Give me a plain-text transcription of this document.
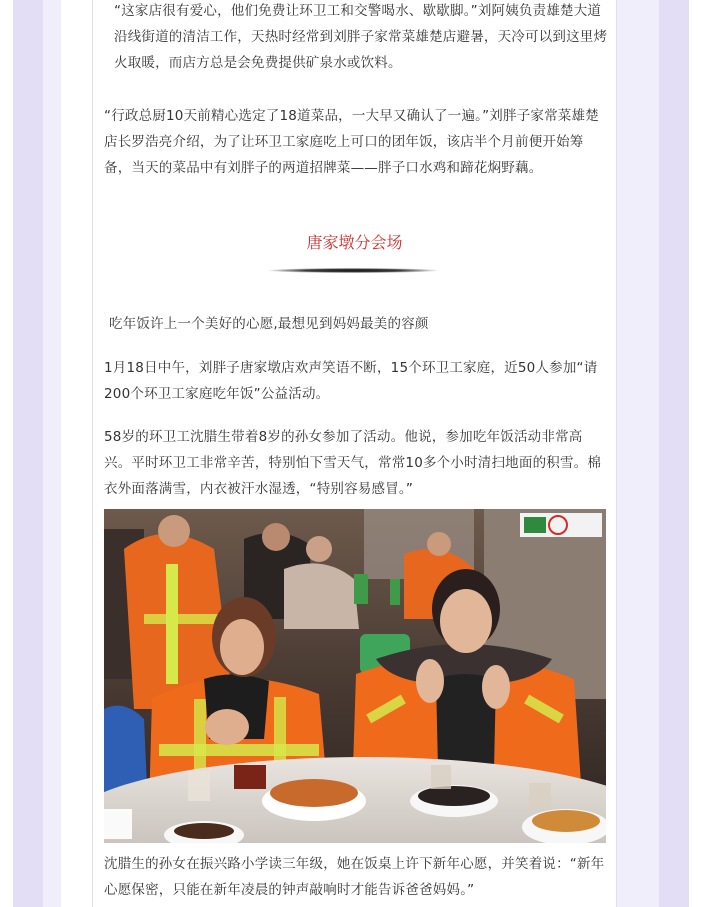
“这家店很有爱心，他们免费让环卫工和交警喝水、歇歇脚。”刘阿姨负责雄楚大道沿线街道的清洁工作，天热时经常到刘胖子家常菜雄楚店避暑，天冷可以到这里烤火取暖，而店方总是会免费提供矿泉水或饮料。

“行政总厨10天前精心选定了18道菜品，一大早又确认了一遍。”刘胖子家常菜雄楚店长罗浩亮介绍，为了让环卫工家庭吃上可口的团年饭，该店半个月前便开始筹备，当天的菜品中有刘胖子的两道招牌菜——胖子口水鸡和蹄花焖野藕。

唐家墩分会场

吃年饭许上一个美好的心愿,最想见到妈妈最美的容颜

1月18日中午，刘胖子唐家墩店欢声笑语不断，15个环卫工家庭，近50人参加“请200个环卫工家庭吃年饭”公益活动。

58岁的环卫工沈腊生带着8岁的孙女参加了活动。他说，参加吃年饭活动非常高兴。平时环卫工非常辛苦，特别怕下雪天气，常常10多个小时清扫地面的积雪。棉衣外面落满雪，内衣被汗水湿透，“特别容易感冒。”

沈腊生的孙女在振兴路小学读三年级，她在饭桌上许下新年心愿，并笑着说：“新年心愿保密，只能在新年凌晨的钟声敲响时才能告诉爸爸妈妈。”
